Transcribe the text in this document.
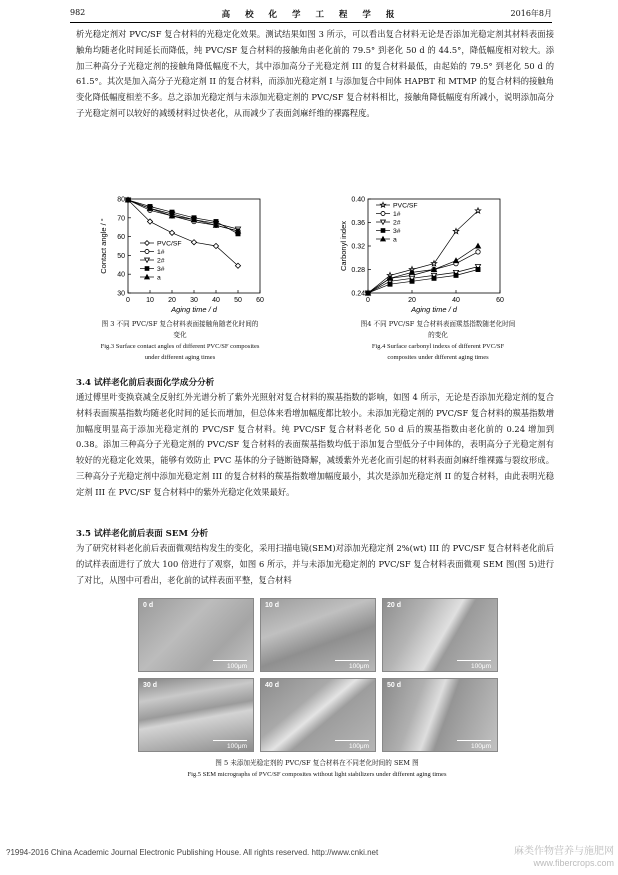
982	高 校 化 学 工 程 学 报	2016年8月

析光稳定剂对 PVC/SF 复合材料的光稳定化效果。测试结果如图 3 所示，可以看出复合材料无论是否添加光稳定剂其材料表面接触角均随老化时间延长而降低，纯 PVC/SF 复合材料的接触角由老化前的 79.5° 到老化 50 d 的 44.5°，降低幅度相对较大。添加三种高分子光稳定剂的接触角降低幅度不大，其中添加高分子光稳定剂 III 的复合材料最低，由起始的 79.5° 到老化 50 d 的 61.5°。其次是加入高分子光稳定剂 II 的复合材料，而添加光稳定剂 I 与添加复合中间体 HAPBT 和 MTMP 的复合材料的接触角变化降低幅度相差不多。总之添加光稳定剂与未添加光稳定剂的 PVC/SF 复合材料相比，接触角降低幅度有所减小，说明添加高分子光稳定剂可以较好的减缓材料过快老化，从而减少了表面剑麻纤维的裸露程度。

0 10 20 30 40 50 60
30
40
50
60
70
80
Aging time / d
Contact angle / °	PVC/SF
1#
2#
3#
a
图 3 不同 PVC/SF 复合材料表面接触角随老化时间的变化
Fig.3 Surface contact angles of different PVC/SF composites under different aging times
0	20	40	60
0.24
0.28
0.32
0.36
0.40
Aging time / d
Carbonyl index
PVC/SF
1#
2#
3#
a
图4 不同 PVC/SF 复合材料表面羰基指数随老化时间的变化
Fig.4 Surface carbonyl indexs of different PVC/SF composites under different aging times
3.4 试样老化前后表面化学成分分析

通过傅里叶变换衰减全反射红外光谱分析了紫外光照射对复合材料的羰基指数的影响，如图 4 所示，无论是否添加光稳定剂的复合材料表面羰基指数均随老化时间的延长而增加，但总体来看增加幅度都比较小。未添加光稳定剂的 PVC/SF 复合材料的羰基指数增加幅度明显高于添加光稳定剂的 PVC/SF 复合材料。纯 PVC/SF 复合材料老化 50 d 后的羰基指数由老化前的 0.24 增加到 0.38。添加三种高分子光稳定剂的 PVC/SF 复合材料的表面羰基指数均低于添加复合型低分子中间体的，表明高分子光稳定剂有较好的光稳定化效果，能够有效防止 PVC 基体的分子链断链降解，减缓紫外光老化而引起的材料表面剑麻纤维裸露与裂纹形成。三种高分子光稳定剂中添加光稳定剂 III 的复合材料的羰基指数增加幅度最小，其次是添加光稳定剂 II 的复合材料，由此表明光稳定剂 III 在 PVC/SF 复合材料中的紫外光稳定化效果最好。

3.5 试样老化前后表面 SEM 分析

为了研究材料老化前后表面微观结构发生的变化，采用扫描电镜(SEM)对添加光稳定剂 2%(wt) III 的 PVC/SF 复合材料老化前后的试样表面进行了放大 100 倍进行了观察，如图 6 所示，并与未添加光稳定剂的 PVC/SF 复合材料表面微观 SEM 图(图 5)进行了对比，从图中可看出，老化前的试样表面平整，复合材料

0 d
100μm
10 d
100μm
20 d
100μm
30 d
100μm
40 d
100μm
50 d
100μm
图 5 未添加光稳定剂的 PVC/SF 复合材料在不同老化时间的 SEM 图
Fig.5 SEM micrographs of PVC/SF composites without light stabilizers under different aging times
?1994-2016 China Academic Journal Electronic Publishing House. All rights reserved. http://www.cnki.net	麻类作物营养与施肥网
www.fibercrops.com
